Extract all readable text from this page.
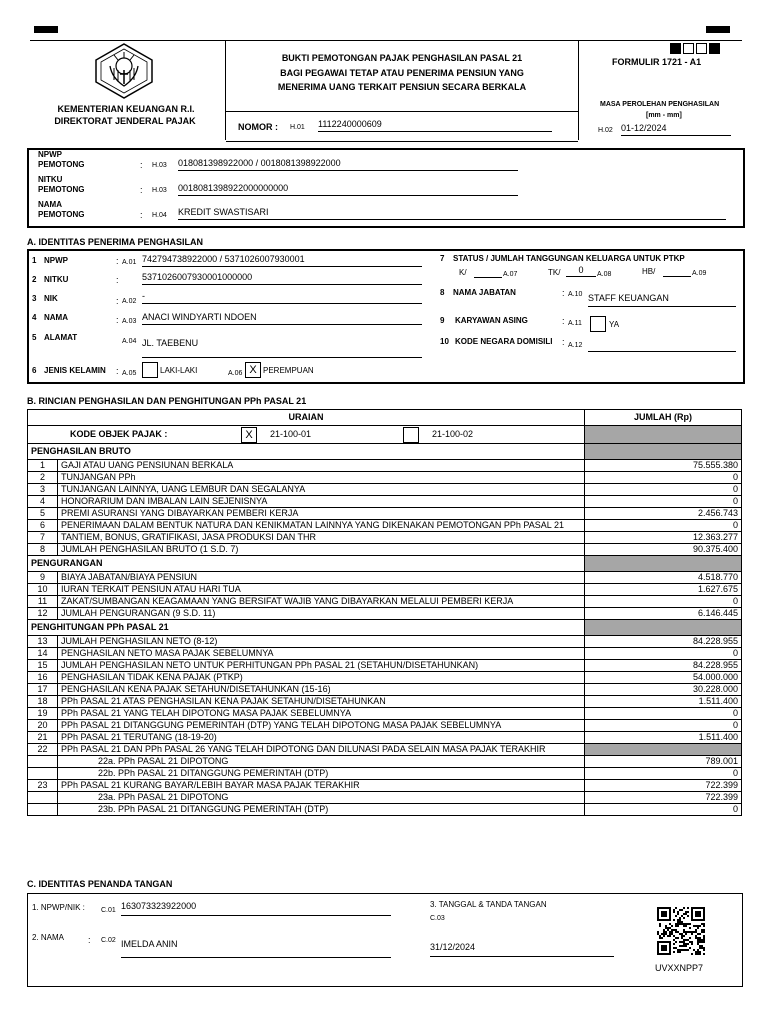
KEMENTERIAN KEUANGAN R.I.
DIREKTORAT JENDERAL PAJAK
BUKTI PEMOTONGAN PAJAK PENGHASILAN PASAL 21
BAGI PEGAWAI TETAP ATAU PENERIMA PENSIUN YANG
MENERIMA UANG TERKAIT PENSIUN SECARA BERKALA
NOMOR : H.01 1112240000609
FORMULIR 1721 - A1
MASA PEROLEHAN PENGHASILAN
[mm - mm]
H.02 01-12/2024
NPWP
PEMOTONG	: H.03 018081398922000 / 0018081398922000
NITKU
PEMOTONG	: H.03 0018081398922000000000
NAMA
PEMOTONG	: H.04 KREDIT SWASTISARI
A. IDENTITAS PENERIMA PENGHASILAN
1 NPWP	: A.01 742794738922000 / 5371026007930001
2 NITKU	:	5371026007930001000000
3 NIK	: A.02
-
4 NAMA	: A.03 ANACI WINDYARTI NDOEN
5 ALAMAT	A.04 JL. TAEBENU
6 JENIS KELAMIN : A.05	LAKI-LAKI	A.06 X PEREMPUAN
7 STATUS / JUMLAH TANGGUNGAN KELUARGA UNTUK PTKP
K/	A.07	TK/	0	A.08	HB/	A.09
8 NAMA JABATAN	: A.10 STAFF KEUANGAN
9 KARYAWAN ASING	: A.11	YA
10 KODE NEGARA DOMISILI : A.12
B. RINCIAN PENGHASILAN DAN PENGHITUNGAN PPh PASAL 21
URAIAN		JUMLAH (Rp)

KODE OBJEK PAJAK : X 21-100-01 21-100-02		

PENGHASILAN BRUTO		
1	GAJI ATAU UANG PENSIUNAN BERKALA	75.555.380
2	TUNJANGAN PPh	0
3	TUNJANGAN LAINNYA, UANG LEMBUR DAN SEGALANYA	0
4	HONORARIUM DAN IMBALAN LAIN SEJENISNYA	0
5	PREMI ASURANSI YANG DIBAYARKAN PEMBERI KERJA	2.456.743
6	PENERIMAAN DALAM BENTUK NATURA DAN KENIKMATAN LAINNYA YANG DIKENAKAN PEMOTONGAN PPh PASAL 21	0
7	TANTIEM, BONUS, GRATIFIKASI, JASA PRODUKSI DAN THR	12.363.277
8	JUMLAH PENGHASILAN BRUTO (1 S.D. 7)	90.375.400
PENGURANGAN		
9	BIAYA JABATAN/BIAYA PENSIUN	4.518.770
10	IURAN TERKAIT PENSIUN ATAU HARI TUA	1.627.675
11	ZAKAT/SUMBANGAN KEAGAMAAN YANG BERSIFAT WAJIB YANG DIBAYARKAN MELALUI PEMBERI KERJA	0
12	JUMLAH PENGURANGAN (9 S.D. 11)	6.146.445
PENGHITUNGAN PPh PASAL 21		
13	JUMLAH PENGHASILAN NETO (8-12)	84.228.955
14	PENGHASILAN NETO MASA PAJAK SEBELUMNYA	0
15	JUMLAH PENGHASILAN NETO UNTUK PERHITUNGAN PPh PASAL 21 (SETAHUN/DISETAHUNKAN)	84.228.955
16	PENGHASILAN TIDAK KENA PAJAK (PTKP)	54.000.000
17	PENGHASILAN KENA PAJAK SETAHUN/DISETAHUNKAN (15-16)	30.228.000
18	PPh PASAL 21 ATAS PENGHASILAN KENA PAJAK SETAHUN/DISETAHUNKAN	1.511.400
19	PPh PASAL 21 YANG TELAH DIPOTONG MASA PAJAK SEBELUMNYA	0
20	PPh PASAL 21 DITANGGUNG PEMERINTAH (DTP) YANG TELAH DIPOTONG MASA PAJAK SEBELUMNYA	0
21	PPh PASAL 21 TERUTANG (18-19-20)	1.511.400
22	PPh PASAL 21 DAN PPh PASAL 26 YANG TELAH DIPOTONG DAN DILUNASI PADA SELAIN MASA PAJAK TERAKHIR	
	22a. PPh PASAL 21 DIPOTONG	789.001
	22b. PPh PASAL 21 DITANGGUNG PEMERINTAH (DTP)	0
23	PPh PASAL 21 KURANG BAYAR/LEBIH BAYAR MASA PAJAK TERAKHIR	722.399
	23a. PPh PASAL 21 DIPOTONG	722.399
	23b. PPh PASAL 21 DITANGGUNG PEMERINTAH (DTP)	0
C. IDENTITAS PENANDA TANGAN
1. NPWP/NIK : C.01 163073323922000
2. NAMA	: C.02 IMELDA ANIN
3. TANGGAL & TANDA TANGAN
C.03
31/12/2024
UVXXNPP7
